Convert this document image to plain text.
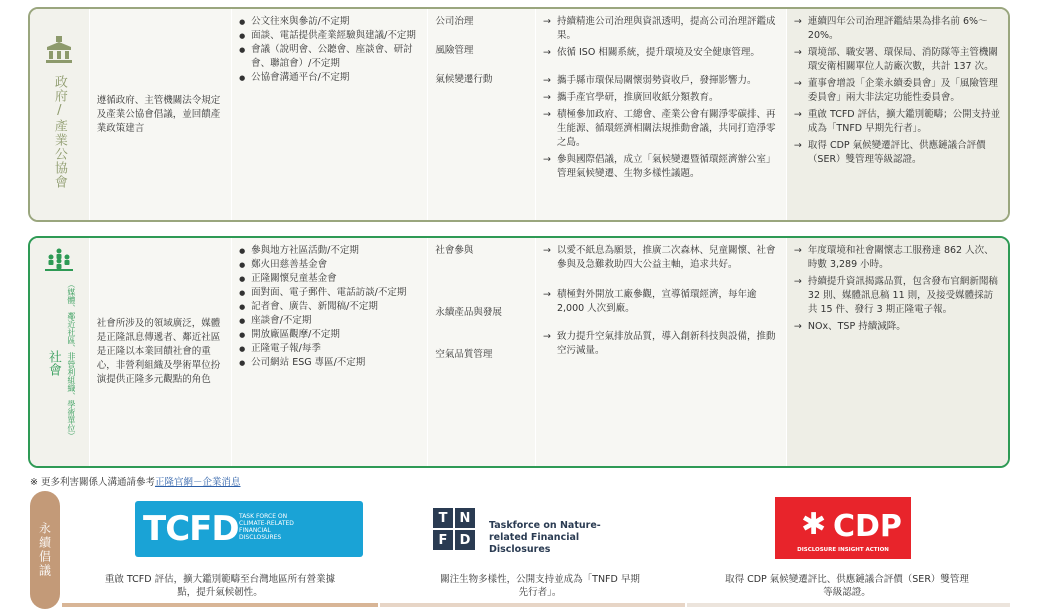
政府/產業公協會	遵循政府、主管機關法令規定及產業公協會倡議，並回饋產業政策建言
● 公文往來與參訪/不定期
● 面談、電話提供產業經驗與建議/不定期
● 會議（說明會、公聽會、座談會、研討會、聯誼會）/不定期
● 公協會溝通平台/不定期
公司治理
風險管理
氣候變遷行動
→ 持續精進公司治理與資訊透明，提高公司治理評鑑成果。
→ 依循 ISO 相關系統，提升環境及安全健康管理。
→ 攜手縣市環保局關懷弱勢資收戶，發揮影響力。
→ 攜手產官學研，推廣回收紙分類教育。
→ 積極參加政府、工總會、產業公會有關淨零碳排、再生能源、循環經濟相關法規推動會議，共同打造淨零之島。
→ 參與國際倡議，成立「氣候變遷暨循環經濟辦公室」管理氣候變遷、生物多樣性議題。
→ 連續四年公司治理評鑑結果為排名前 6%～20%。
→ 環境部、職安署、環保局、消防隊等主管機關環安衛相關單位人訪廠次數，共計 137 次。
→ 董事會增設「企業永續委員會」及「風險管理委員會」兩大非法定功能性委員會。
→ 重啟 TCFD 評估，擴大鑑別範疇；公開支持並成為「TNFD 早期先行者」。
→ 取得 CDP 氣候變遷評比、供應鏈議合評價（SER）雙管理等級認證。
（媒體、鄰近社區、非營利組織、學術單位）
社會
社會所涉及的領域廣泛，媒體是正隆訊息傳遞者、鄰近社區是正隆以本業回饋社會的重心，非營利組織及學術單位扮演提供正隆多元觀點的角色
● 參與地方社區活動/不定期
● 鄭火田慈善基金會
● 正隆關懷兒童基金會
● 面對面、電子郵件、電話訪談/不定期
● 記者會、廣告、新聞稿/不定期
● 座談會/不定期
● 開放廠區觀摩/不定期
● 正隆電子報/每季
● 公司網站 ESG 專區/不定期
社會參與
永續產品與發展
空氣品質管理
→ 以愛不紙息為願景，推廣二次森林、兒童關懷、社會參與及急難救助四大公益主軸，追求共好。
→ 積極對外開放工廠參觀，宣導循環經濟，每年逾 2,000 人次到廠。
→ 致力提升空氣排放品質，導入創新科技與設備，推動空污減量。
→ 年度環境和社會關懷志工服務達 862 人次、時數 3,289 小時。
→ 持續提升資訊揭露品質，包含發布官網新聞稿 32 則、媒體訊息稿 11 則，及接受媒體採訪共 15 件、發行 3 期正隆電子報。
→ NOx、TSP 持續減降。
※ 更多利害關係人溝通請參考正隆官網－企業消息
永續倡議	TCFD TASK FORCE ON CLIMATE-RELATED FINANCIAL DISCLOSURES
重啟 TCFD 評估，擴大鑑別範疇至台灣地區所有營業據點，提升氣候韌性。
T N
F D
Taskforce on Nature-related Financial Disclosures
關注生物多樣性，公開支持並成為「TNFD 早期先行者」。
✱ CDP
DISCLOSURE INSIGHT ACTION
取得 CDP 氣候變遷評比、供應鏈議合評價（SER）雙管理等級認證。
